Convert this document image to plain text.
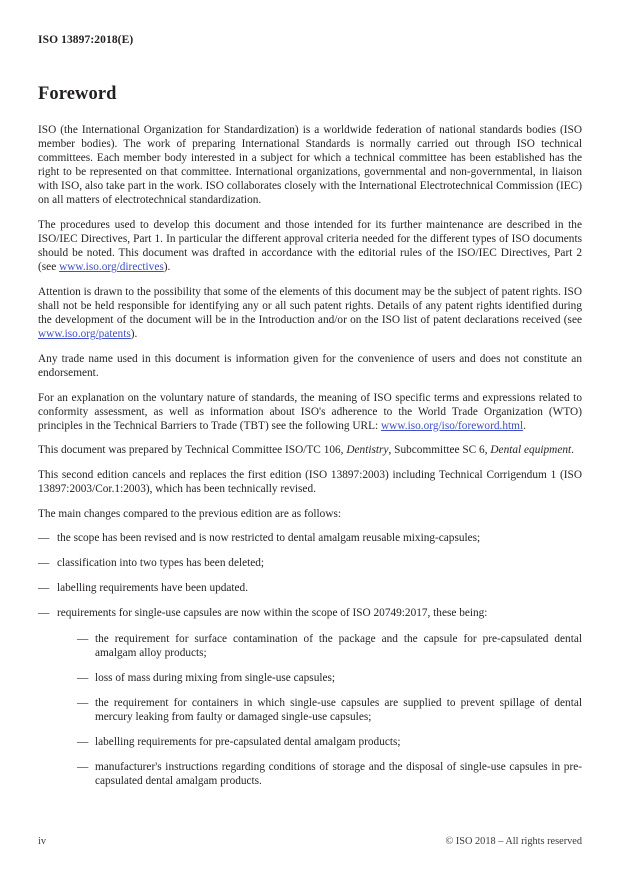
ISO 13897:2018(E)
Foreword

ISO (the International Organization for Standardization) is a worldwide federation of national standards bodies (ISO member bodies). The work of preparing International Standards is normally carried out through ISO technical committees. Each member body interested in a subject for which a technical committee has been established has the right to be represented on that committee. International organizations, governmental and non-governmental, in liaison with ISO, also take part in the work. ISO collaborates closely with the International Electrotechnical Commission (IEC) on all matters of electrotechnical standardization.

The procedures used to develop this document and those intended for its further maintenance are described in the ISO/IEC Directives, Part 1. In particular the different approval criteria needed for the different types of ISO documents should be noted. This document was drafted in accordance with the editorial rules of the ISO/IEC Directives, Part 2 (see www.iso.org/directives).

Attention is drawn to the possibility that some of the elements of this document may be the subject of patent rights. ISO shall not be held responsible for identifying any or all such patent rights. Details of any patent rights identified during the development of the document will be in the Introduction and/or on the ISO list of patent declarations received (see www.iso.org/patents).

Any trade name used in this document is information given for the convenience of users and does not constitute an endorsement.

For an explanation on the voluntary nature of standards, the meaning of ISO specific terms and expressions related to conformity assessment, as well as information about ISO's adherence to the World Trade Organization (WTO) principles in the Technical Barriers to Trade (TBT) see the following URL: www.iso.org/iso/foreword.html.

This document was prepared by Technical Committee ISO/TC 106, Dentistry, Subcommittee SC 6, Dental equipment.

This second edition cancels and replaces the first edition (ISO 13897:2003) including Technical Corrigendum 1 (ISO 13897:2003/Cor.1:2003), which has been technically revised.

The main changes compared to the previous edition are as follows:

— the scope has been revised and is now restricted to dental amalgam reusable mixing-capsules;
— classification into two types has been deleted;
— labelling requirements have been updated.
— requirements for single-use capsules are now within the scope of ISO 20749:2017, these being:
— the requirement for surface contamination of the package and the capsule for pre-capsulated dental amalgam alloy products;
— loss of mass during mixing from single-use capsules;
— the requirement for containers in which single-use capsules are supplied to prevent spillage of dental mercury leaking from faulty or damaged single-use capsules;
— labelling requirements for pre-capsulated dental amalgam products;
— manufacturer's instructions regarding conditions of storage and the disposal of single-use capsules in pre-capsulated dental amalgam products.
iv	© ISO 2018 – All rights reserved
